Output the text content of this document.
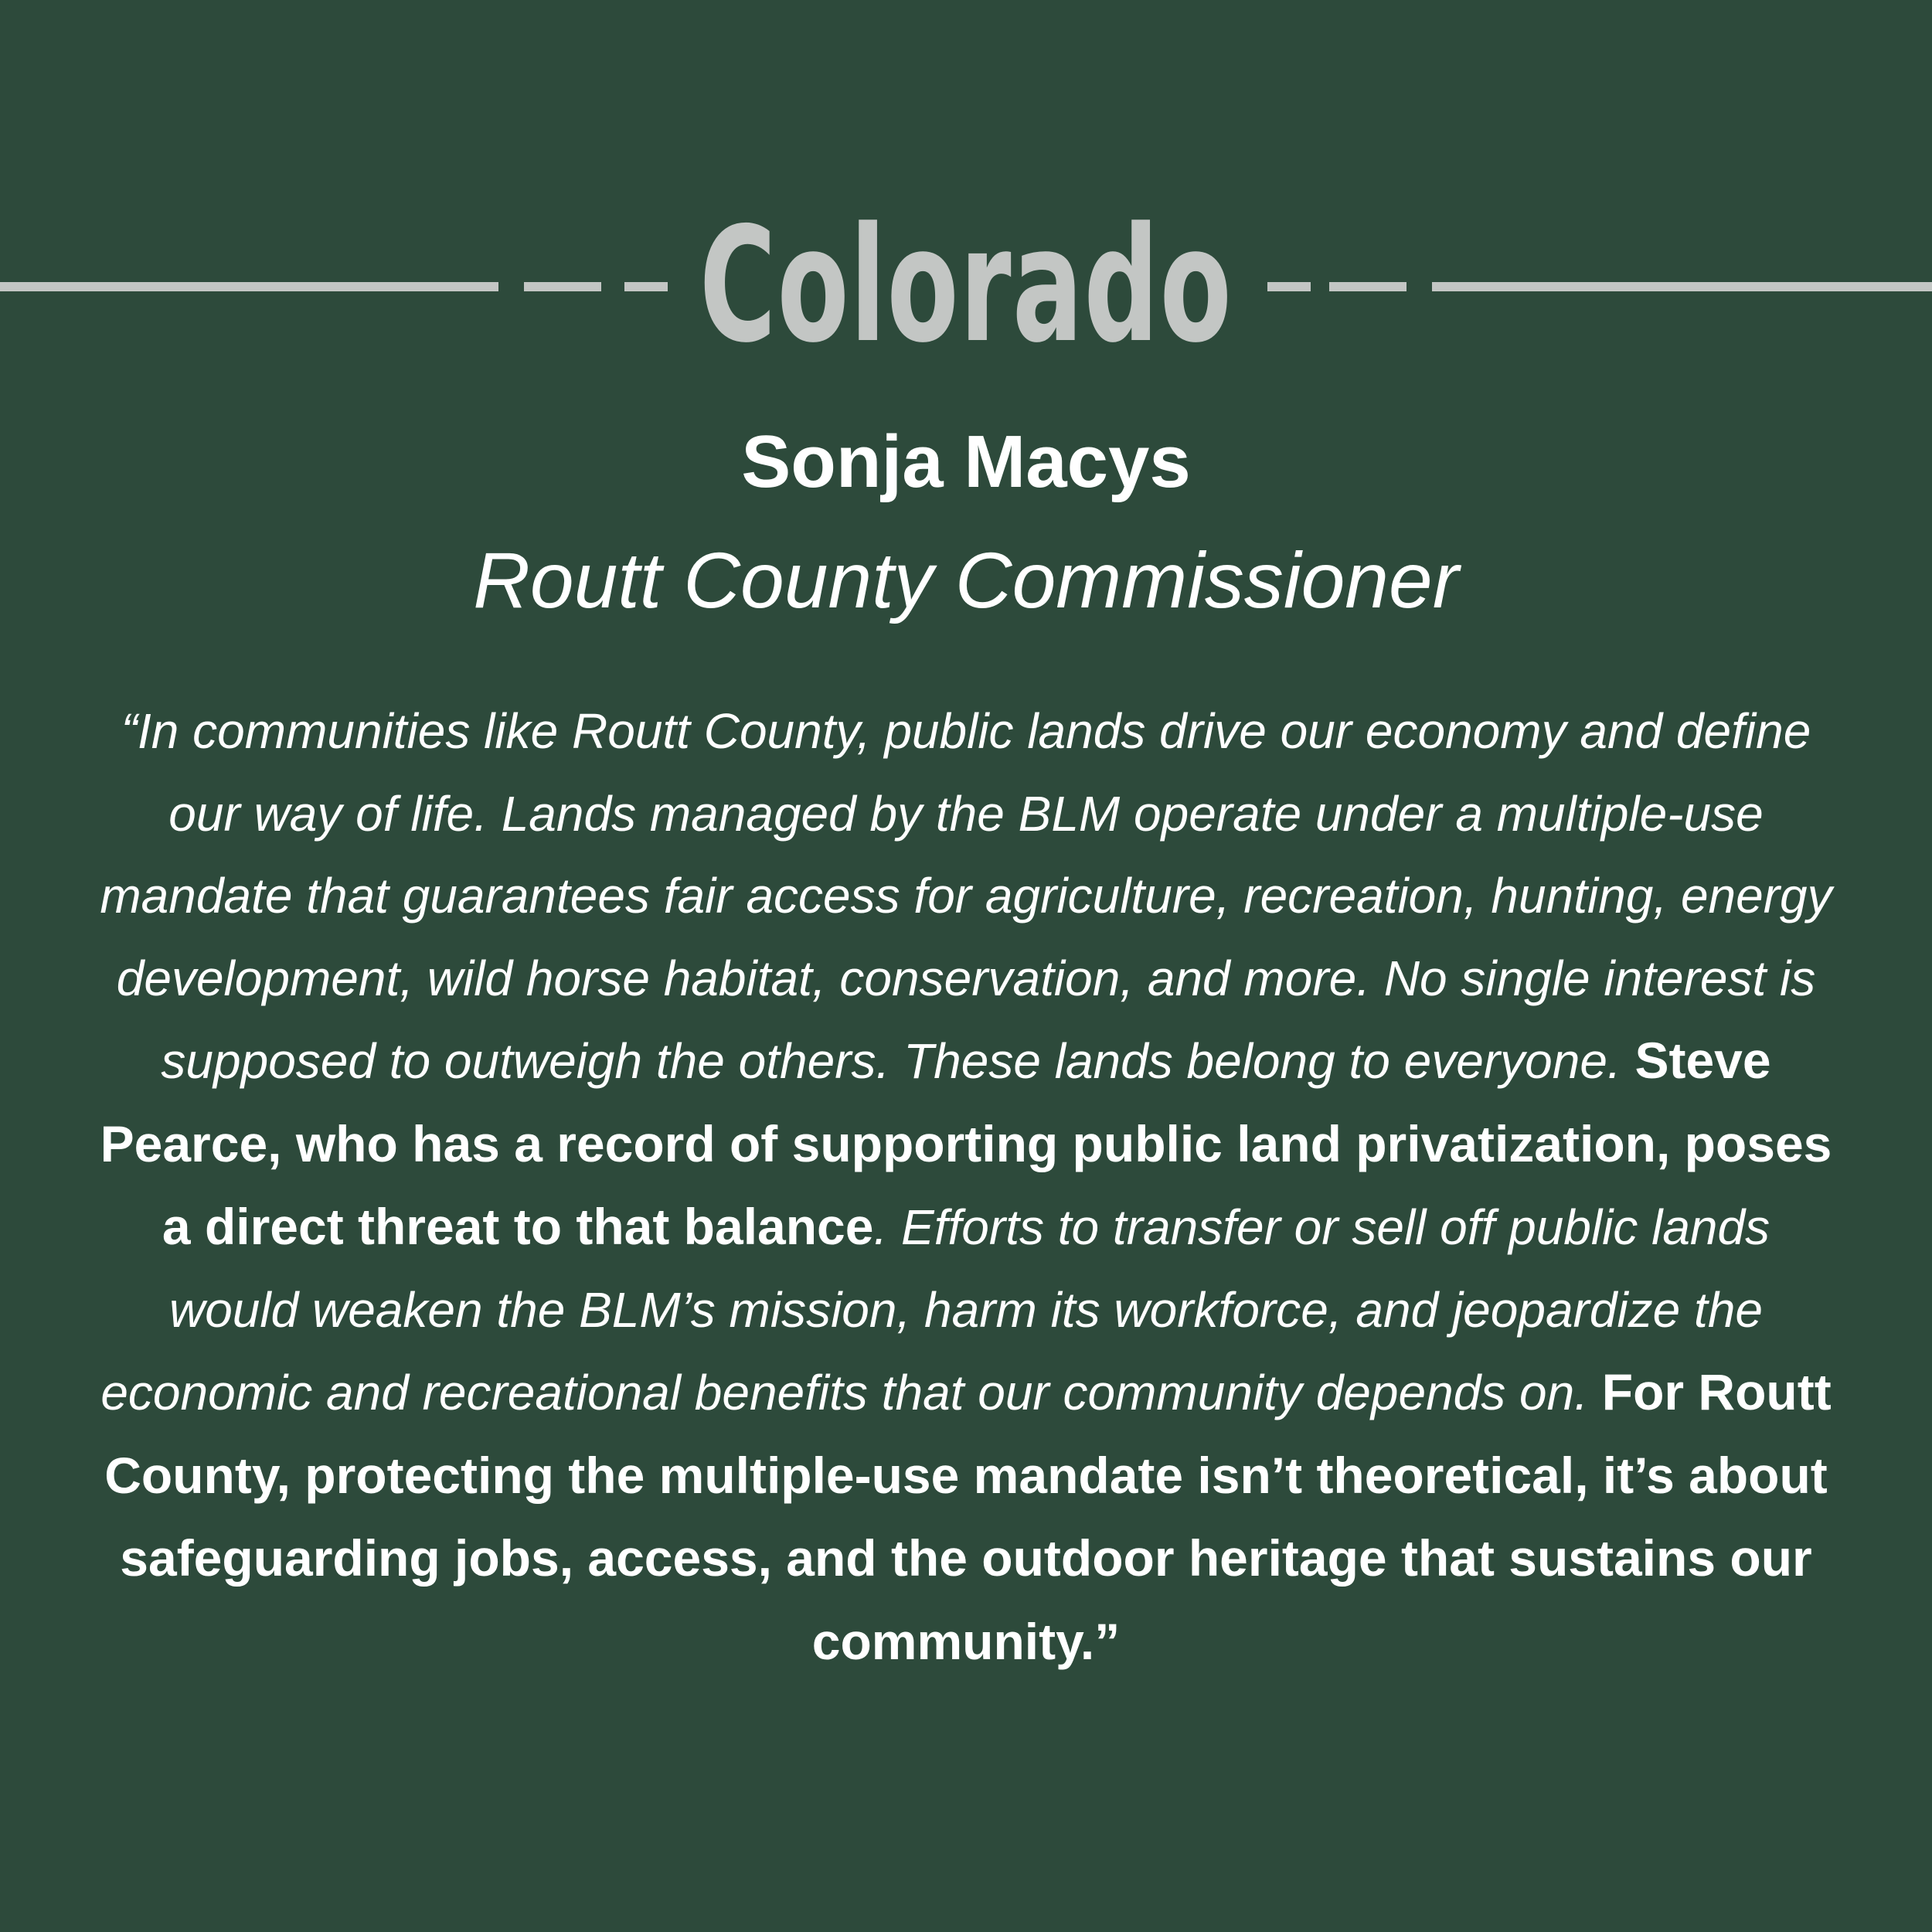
Colorado
Sonja Macys
Routt County Commissioner

“In communities like Routt County, public lands drive our economy and define our way of life. Lands managed by the BLM operate under a multiple-use mandate that guarantees fair access for agriculture, recreation, hunting, energy development, wild horse habitat, conservation, and more. No single interest is supposed to outweigh the others. These lands belong to everyone. Steve Pearce, who has a record of supporting public land privatization, poses a direct threat to that balance. Efforts to transfer or sell off public lands would weaken the BLM’s mission, harm its workforce, and jeopardize the economic and recreational benefits that our community depends on. For Routt County, protecting the multiple-use mandate isn’t theoretical, it’s about safeguarding jobs, access, and the outdoor heritage that sustains our community.”
